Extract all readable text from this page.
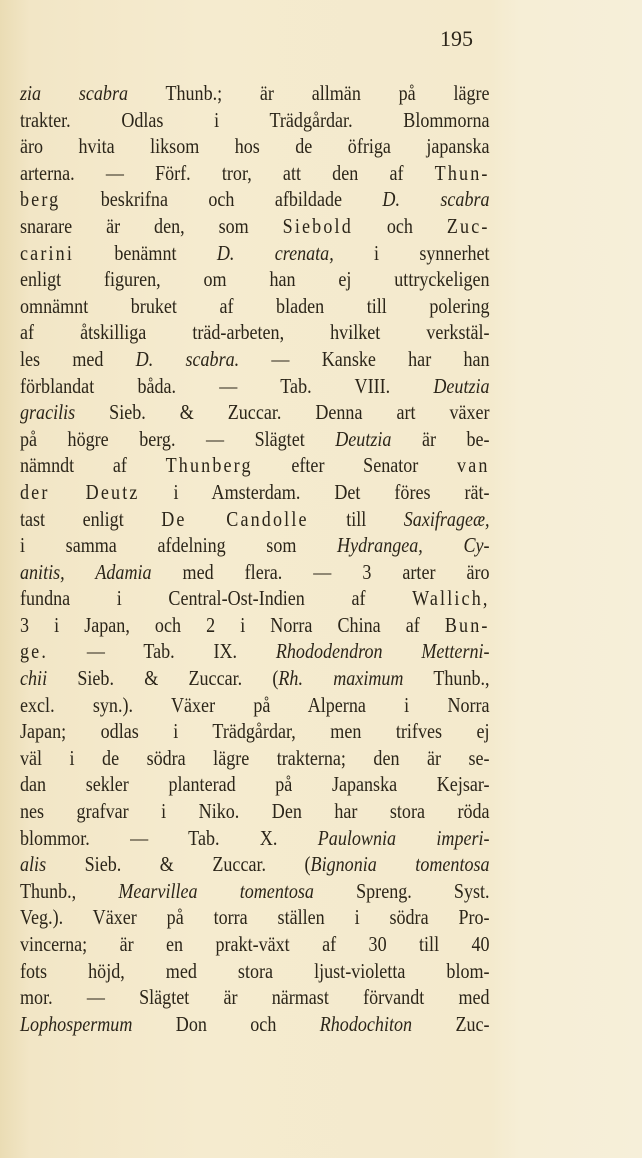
195
zia scabra Thunb.; är allmän på lägre
trakter. Odlas i Trädgårdar. Blommorna
äro hvita liksom hos de öfriga japanska
arterna. — Förf. tror, att den af Thun-
berg beskrifna och afbildade D. scabra
snarare är den, som Siebold och Zuc-
carini benämnt D. crenata, i synnerhet
enligt figuren, om han ej uttryckeligen
omnämnt bruket af bladen till polering
af åtskilliga träd-arbeten, hvilket verkstäl-
les med D. scabra. — Kanske har han
förblandat båda. — Tab. VIII. Deutzia
gracilis Sieb. & Zuccar. Denna art växer
på högre berg. — Slägtet Deutzia är be-
nämndt af Thunberg efter Senator van
der Deutz i Amsterdam. Det föres rät-
tast enligt De Candolle till Saxifrageæ,
i samma afdelning som Hydrangea, Cy-
anitis, Adamia med flera. — 3 arter äro
fundna i Central-Ost-Indien af Wallich,
3 i Japan, och 2 i Norra China af Bun-
ge. — Tab. IX. Rhododendron Metterni-
chii Sieb. & Zuccar. (Rh. maximum Thunb.,
excl. syn.). Växer på Alperna i Norra
Japan; odlas i Trädgårdar, men trifves ej
väl i de södra lägre trakterna; den är se-
dan sekler planterad på Japanska Kejsar-
nes grafvar i Niko. Den har stora röda
blommor. — Tab. X. Paulownia imperi-
alis Sieb. & Zuccar. (Bignonia tomentosa
Thunb., Mearvillea tomentosa Spreng. Syst.
Veg.). Växer på torra ställen i södra Pro-
vincerna; är en prakt-växt af 30 till 40
fots höjd, med stora ljust-violetta blom-
mor. — Slägtet är närmast förvandt med
Lophospermum Don och Rhodochiton Zuc-
